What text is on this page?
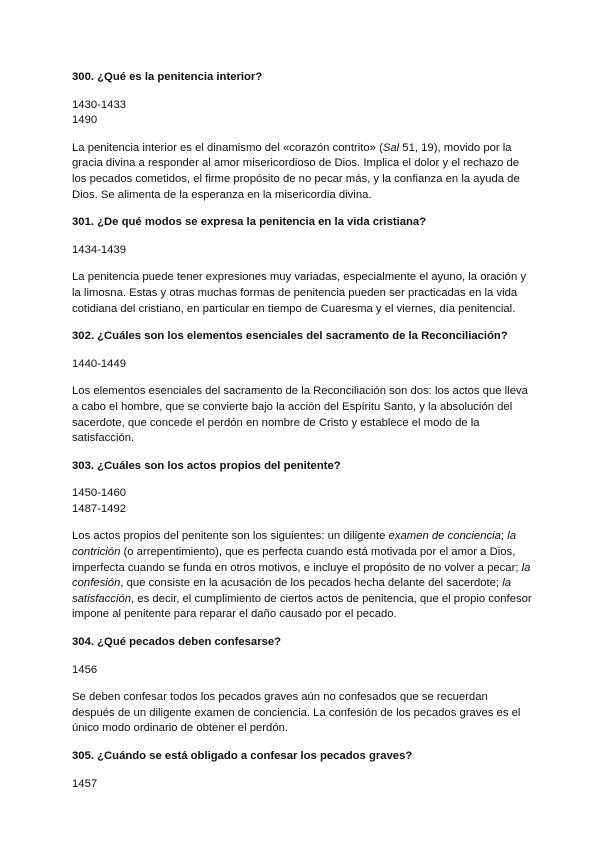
300. ¿Qué es la penitencia interior?

1430-1433
1490

La penitencia interior es el dinamismo del «corazón contrito» (Sal 51, 19), movido por la gracia divina a responder al amor misericordioso de Dios. Implica el dolor y el rechazo de los pecados cometidos, el firme propósito de no pecar más, y la confianza en la ayuda de Dios. Se alimenta de la esperanza en la misericordia divina.

301. ¿De qué modos se expresa la penitencia en la vida cristiana?

1434-1439

La penitencia puede tener expresiones muy variadas, especialmente el ayuno, la oración y la limosna. Estas y otras muchas formas de penitencia pueden ser practicadas en la vida cotidiana del cristiano, en particular en tiempo de Cuaresma y el viernes, día penitencial.

302. ¿Cuáles son los elementos esenciales del sacramento de la Reconciliación?

1440-1449

Los elementos esenciales del sacramento de la Reconciliación son dos: los actos que lleva a cabo el hombre, que se convierte bajo la acción del Espíritu Santo, y la absolución del sacerdote, que concede el perdón en nombre de Cristo y establece el modo de la satisfacción.

303. ¿Cuáles son los actos propios del penitente?

1450-1460
1487-1492

Los actos propios del penitente son los siguientes: un diligente examen de conciencia; la contrición (o arrepentimiento), que es perfecta cuando está motivada por el amor a Dios, imperfecta cuando se funda en otros motivos, e incluye el propósito de no volver a pecar; la confesión, que consiste en la acusación de los pecados hecha delante del sacerdote; la satisfacción, es decir, el cumplimiento de ciertos actos de penitencia, que el propio confesor impone al penitente para reparar el daño causado por el pecado.

304. ¿Qué pecados deben confesarse?

1456

Se deben confesar todos los pecados graves aún no confesados que se recuerdan después de un diligente examen de conciencia. La confesión de los pecados graves es el único modo ordinario de obtener el perdón.

305. ¿Cuándo se está obligado a confesar los pecados graves?

1457
